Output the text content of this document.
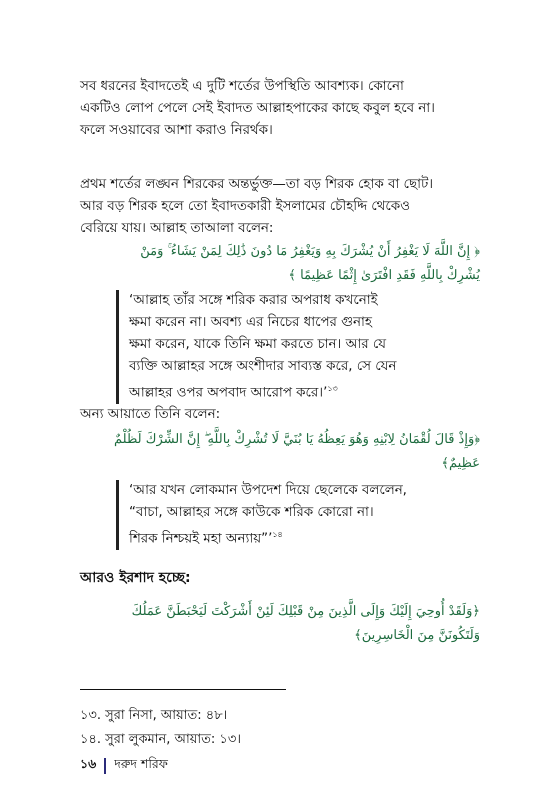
সব ধরনের ইবাদতেই এ দুটি শর্তের উপস্থিতি আবশ্যক। কোনো
একটিও লোপ পেলে সেই ইবাদত আল্লাহপাকের কাছে কবুল হবে না।
ফলে সওয়াবের আশা করাও নিরর্থক।
প্রথম শর্তের লঙ্ঘন শিরকের অন্তর্ভুক্ত—তা বড় শিরক হোক বা ছোট।
আর বড় শিরক হলে তো ইবাদতকারী ইসলামের চৌহদ্দি থেকেও
বেরিয়ে যায়। আল্লাহ তাআলা বলেন:
﴿ إِنَّ اللَّهَ لَا يَغْفِرُ أَنْ يُشْرَكَ بِهِ وَيَغْفِرُ مَا دُونَ ذَٰلِكَ لِمَنْ يَشَاءُ ۚ وَمَنْ
يُشْرِكْ بِاللَّهِ فَقَدِ افْتَرَىٰ إِثْمًا عَظِيمًا ﴾
‘আল্লাহ তাঁর সঙ্গে শরিক করার অপরাধ কখনোই
ক্ষমা করেন না। অবশ্য এর নিচের ধাপের গুনাহ
ক্ষমা করেন, যাকে তিনি ক্ষমা করতে চান। আর যে
ব্যক্তি আল্লাহর সঙ্গে অংশীদার সাব্যস্ত করে, সে যেন
আল্লাহর ওপর অপবাদ আরোপ করে।’$^{১৩}$
অন্য আয়াতে তিনি বলেন:
﴿وَإِذْ قَالَ لُقْمَانُ لِابْنِهِ وَهُوَ يَعِظُهُ يَا بُنَيَّ لَا تُشْرِكْ بِاللَّهِ ۖ إِنَّ الشِّرْكَ لَظُلْمٌ
عَظِيمٌ﴾
‘আর যখন লোকমান উপদেশ দিয়ে ছেলেকে বললেন,
“বাচা, আল্লাহর সঙ্গে কাউকে শরিক কোরো না।
শিরক নিশ্চয়ই মহা অন্যায়”’$^{১৪}$
আরও ইরশাদ হচ্ছে:
﴿وَلَقَدْ أُوحِيَ إِلَيْكَ وَإِلَى الَّذِينَ مِنْ قَبْلِكَ لَئِنْ أَشْرَكْتَ لَيَحْبَطَنَّ عَمَلُكَ
وَلَتَكُونَنَّ مِنَ الْخَاسِرِينَ﴾
১৩. সুরা নিসা, আয়াত: ৪৮।
১৪. সুরা লুকমান, আয়াত: ১৩।
১৬ দরুদ শরিফ
